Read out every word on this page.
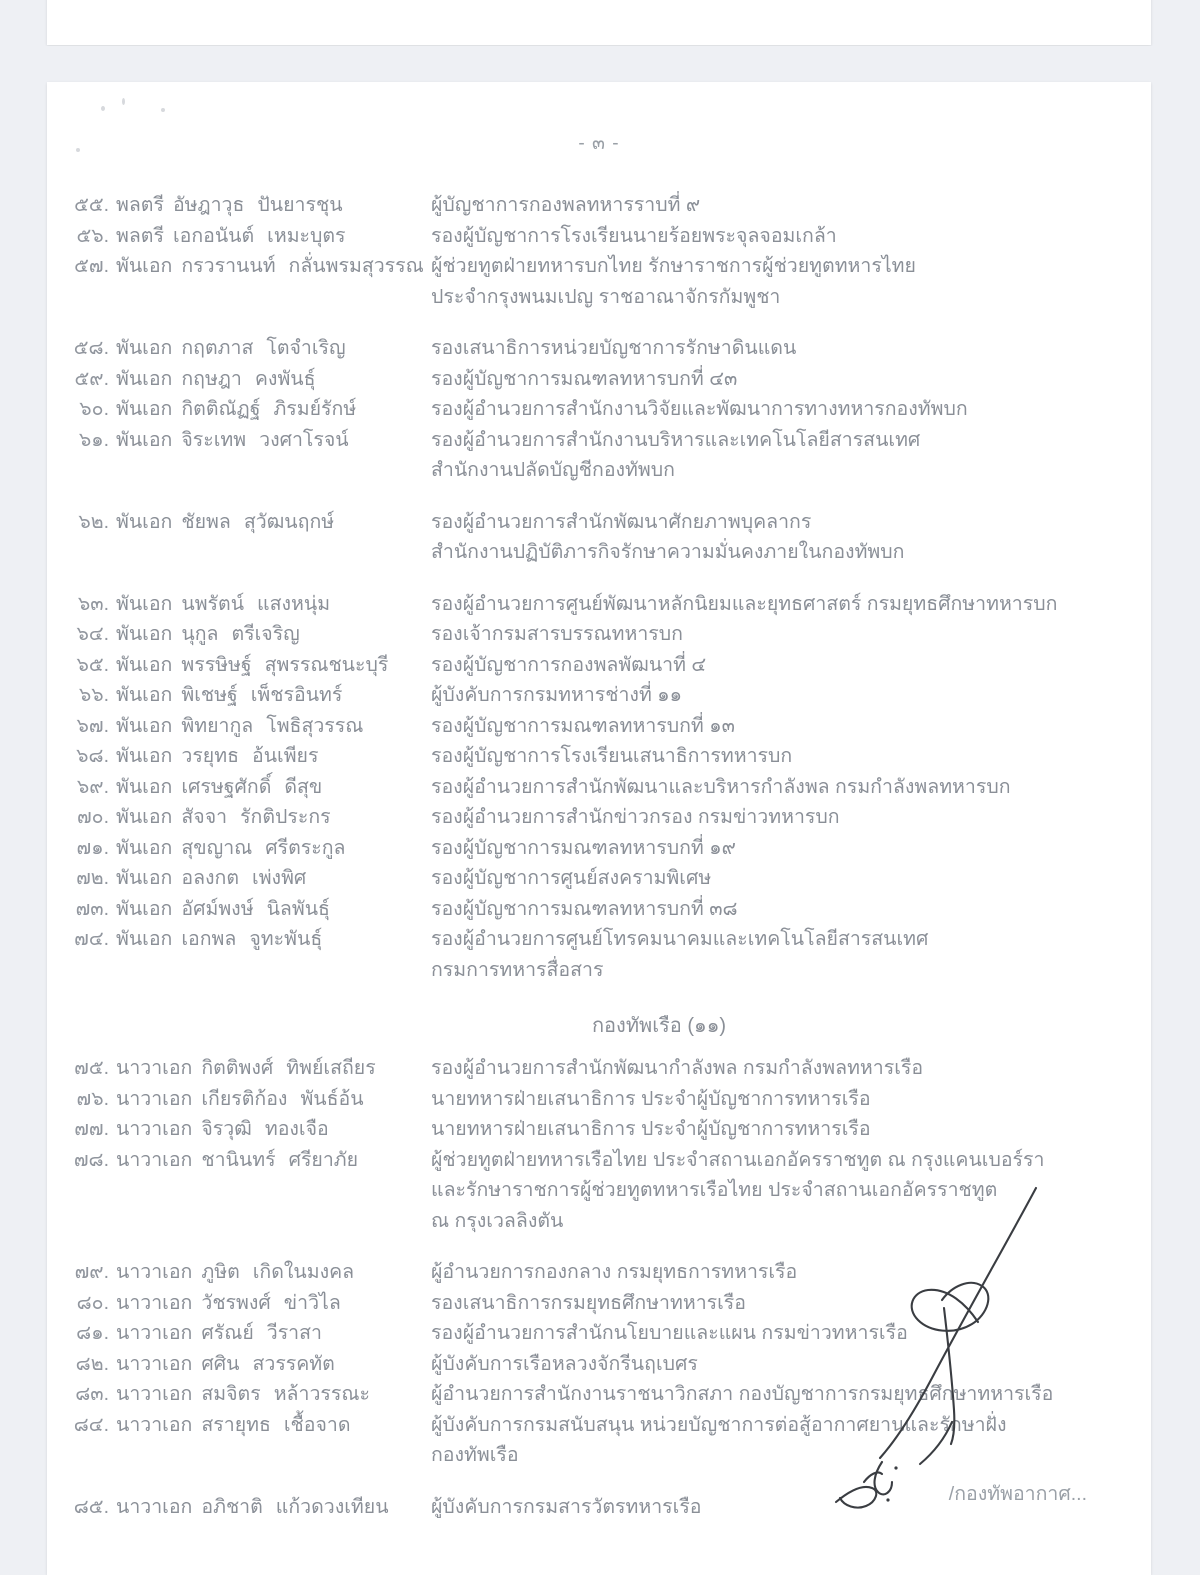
- ๓ -
๕๕. พลตรี อัษฎาวุธ ปันยารชุน	ผู้บัญชาการกองพลทหารราบที่ ๙
๕๖. พลตรี เอกอนันต์ เหมะบุตร	รองผู้บัญชาการโรงเรียนนายร้อยพระจุลจอมเกล้า
๕๗. พันเอก กรวรานนท์ กลั่นพรมสุวรรณ ผู้ช่วยทูตฝ่ายทหารบกไทย รักษาราชการผู้ช่วยทูตทหารไทย
ประจำกรุงพนมเปญ ราชอาณาจักรกัมพูชา
๕๘. พันเอก กฤตภาส โตจำเริญ	รองเสนาธิการหน่วยบัญชาการรักษาดินแดน
๕๙. พันเอก กฤษฎา คงพันธุ์	รองผู้บัญชาการมณฑลทหารบกที่ ๔๓
๖๐. พันเอก กิตติณัฏฐ์ ภิรมย์รักษ์	รองผู้อำนวยการสำนักงานวิจัยและพัฒนาการทางทหารกองทัพบก
๖๑. พันเอก จิระเทพ วงศาโรจน์	รองผู้อำนวยการสำนักงานบริหารและเทคโนโลยีสารสนเทศ
สำนักงานปลัดบัญชีกองทัพบก
๖๒. พันเอก ชัยพล สุวัฒนฤกษ์	รองผู้อำนวยการสำนักพัฒนาศักยภาพบุคลากร
สำนักงานปฏิบัติภารกิจรักษาความมั่นคงภายในกองทัพบก
๖๓. พันเอก นพรัตน์ แสงหนุ่ม	รองผู้อำนวยการศูนย์พัฒนาหลักนิยมและยุทธศาสตร์ กรมยุทธศึกษาทหารบก
๖๔. พันเอก นุกูล ตรีเจริญ	รองเจ้ากรมสารบรรณทหารบก
๖๕. พันเอก พรรษิษฐ์ สุพรรณชนะบุรี	รองผู้บัญชาการกองพลพัฒนาที่ ๔
๖๖. พันเอก พิเชษฐ์ เพ็ชรอินทร์	ผู้บังคับการกรมทหารช่างที่ ๑๑
๖๗. พันเอก พิทยากูล โพธิสุวรรณ	รองผู้บัญชาการมณฑลทหารบกที่ ๑๓
๖๘. พันเอก วรยุทธ อ้นเพียร	รองผู้บัญชาการโรงเรียนเสนาธิการทหารบก
๖๙. พันเอก เศรษฐศักดิ์ ดีสุข	รองผู้อำนวยการสำนักพัฒนาและบริหารกำลังพล กรมกำลังพลทหารบก
๗๐. พันเอก สัจจา รักติประกร	รองผู้อำนวยการสำนักข่าวกรอง กรมข่าวทหารบก
๗๑. พันเอก สุขญาณ ศรีตระกูล	รองผู้บัญชาการมณฑลทหารบกที่ ๑๙
๗๒. พันเอก อลงกต เพ่งพิศ	รองผู้บัญชาการศูนย์สงครามพิเศษ
๗๓. พันเอก อัศม์พงษ์ นิลพันธุ์	รองผู้บัญชาการมณฑลทหารบกที่ ๓๘
๗๔. พันเอก เอกพล จูทะพันธุ์	รองผู้อำนวยการศูนย์โทรคมนาคมและเทคโนโลยีสารสนเทศ
กรมการทหารสื่อสาร
กองทัพเรือ (๑๑)
๗๕. นาวาเอก กิตติพงศ์ ทิพย์เสถียร	รองผู้อำนวยการสำนักพัฒนากำลังพล กรมกำลังพลทหารเรือ
๗๖. นาวาเอก เกียรติก้อง พันธ์อ้น	นายทหารฝ่ายเสนาธิการ ประจำผู้บัญชาการทหารเรือ
๗๗. นาวาเอก จิรวุฒิ ทองเจือ	นายทหารฝ่ายเสนาธิการ ประจำผู้บัญชาการทหารเรือ
๗๘. นาวาเอก ชานินทร์ ศรียาภัย	ผู้ช่วยทูตฝ่ายทหารเรือไทย ประจำสถานเอกอัครราชทูต ณ กรุงแคนเบอร์รา
และรักษาราชการผู้ช่วยทูตทหารเรือไทย ประจำสถานเอกอัครราชทูต
ณ กรุงเวลลิงตัน
๗๙. นาวาเอก ภูษิต เกิดในมงคล	ผู้อำนวยการกองกลาง กรมยุทธการทหารเรือ
๘๐. นาวาเอก วัชรพงศ์ ข่าวิไล	รองเสนาธิการกรมยุทธศึกษาทหารเรือ
๘๑. นาวาเอก ศรัณย์ วีราสา	รองผู้อำนวยการสำนักนโยบายและแผน กรมข่าวทหารเรือ
๘๒. นาวาเอก ศศิน สวรรคทัต	ผู้บังคับการเรือหลวงจักรีนฤเบศร
๘๓. นาวาเอก สมจิตร หล้าวรรณะ	ผู้อำนวยการสำนักงานราชนาวิกสภา กองบัญชาการกรมยุทธศึกษาทหารเรือ
๘๔. นาวาเอก สรายุทธ เชื้อจาด	ผู้บังคับการกรมสนับสนุน หน่วยบัญชาการต่อสู้อากาศยานและรักษาฝั่ง
กองทัพเรือ
๘๕. นาวาเอก อภิชาติ แก้วดวงเทียน	ผู้บังคับการกรมสารวัตรทหารเรือ
/กองทัพอากาศ...
